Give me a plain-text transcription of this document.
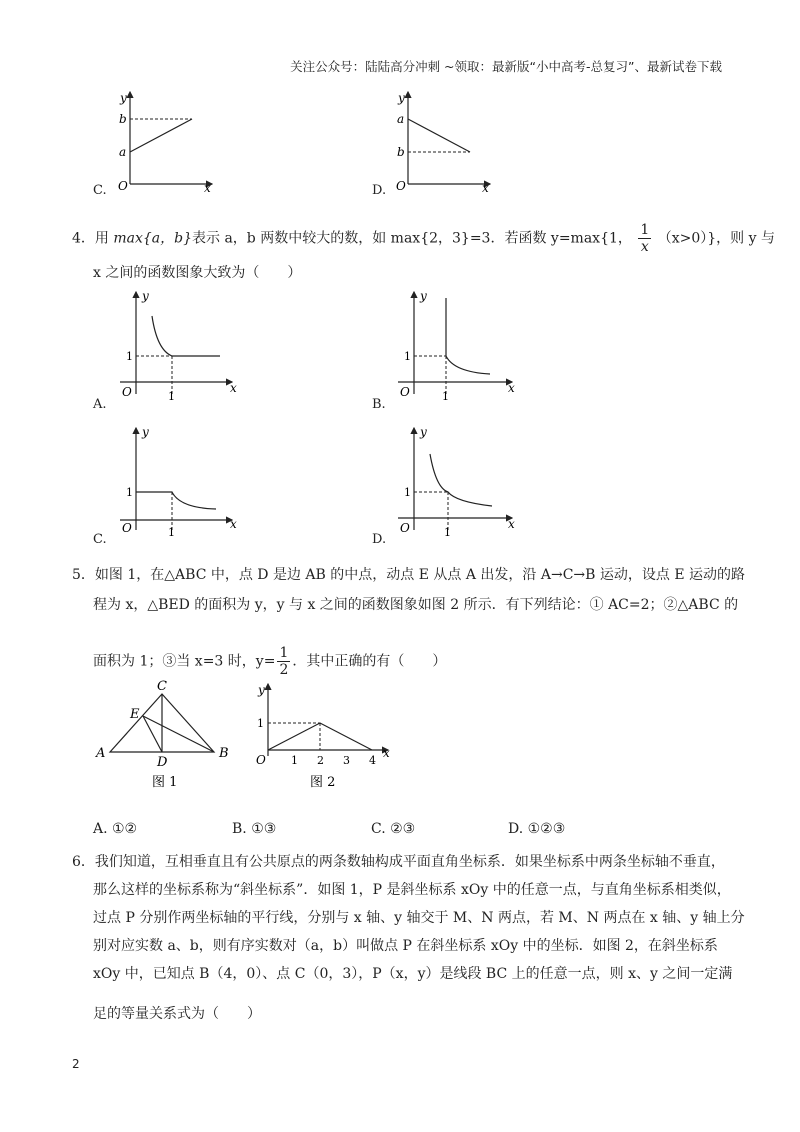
关注公众号：陆陆高分冲刺 ~领取：最新版“小中高考-总复习”、最新试卷下载
C.
y
x
O
a
b
D.
y
x
O
a
b
4．用 max{a，b}表示 a，b 两数中较大的数，如 max{2，3}=3．若函数 y=max{1， $\frac{1}{x} (x>0)$}，则 y 与
x 之间的函数图象大致为（　　）
A.
y
x
O
1
1
B.
y
x
O
1
1
C.
y
x
O
1
1	D.
y
x
O
1
1
5．如图 1，在△ABC 中，点 D 是边 AB 的中点，动点 E 从点 A 出发，沿 A→C→B 运动，设点 E 运动的路
程为 x，△BED 的面积为 y，y 与 x 之间的函数图象如图 2 所示．有下列结论：① AC=2；②△ABC 的
面积为 1；③当 x=3 时，$y= \frac{1}{2}$ ．其中正确的有（　　）
C
E
A	B
D
图 1
y
x
O
1
1 2 3 4
图 2
A. ①②	B. ①③	C. ②③	D. ①②③
6．我们知道，互相垂直且有公共原点的两条数轴构成平面直角坐标系．如果坐标系中两条坐标轴不垂直，
那么这样的坐标系称为“斜坐标系”．如图 1，P 是斜坐标系 xOy 中的任意一点，与直角坐标系相类似，
过点 P 分别作两坐标轴的平行线，分别与 x 轴、y 轴交于 M、N 两点，若 M、N 两点在 x 轴、y 轴上分
别对应实数 a、b，则有序实数对（a，b）叫做点 P 在斜坐标系 xOy 中的坐标．如图 2，在斜坐标系
xOy 中，已知点 B（4，0）、点 C（0，3），P（x，y）是线段 BC 上的任意一点，则 x、y 之间一定满
足的等量关系式为（　　）
2
